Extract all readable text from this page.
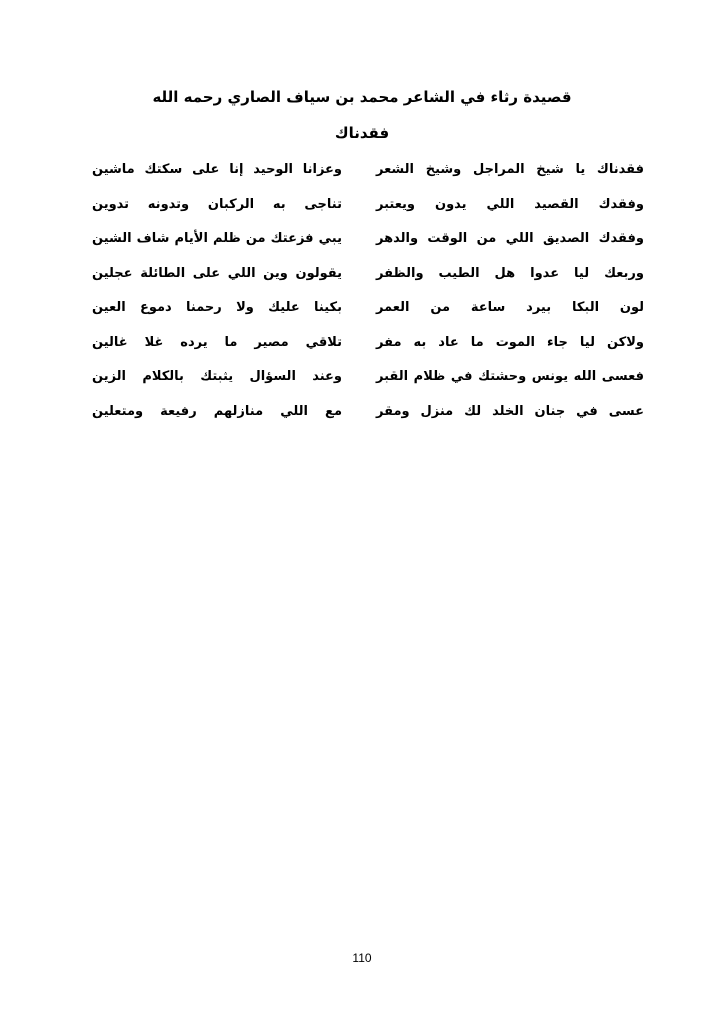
قصيدة رثاء في الشاعر محمد بن سياف الصاري رحمه الله
فقدناك
فقدناك يا شيخ المراجل وشيخ الشعر
وعزانا الوحيد إنا على سكتك ماشين
وفقدك القصيد اللي يدون ويعتبر
تناجى به الركبان وتدونه تدوين
وفقدك الصديق اللي من الوقت والدهر
يبي فزعتك من ظلم الأيام شاف الشين
وربعك ليا عدوا هل الطيب والظفر
يقولون وين اللي على الطائلة عجلين
لون البكا بيرد ساعة من العمر
بكينا عليك ولا رحمنا دموع العين
ولاكن ليا جاء الموت ما عاد به مفر
تلاقي مصير ما يرده غلا غالين
فعسى الله يونس وحشتك في ظلام القبر
وعند السؤال يثبتك بالكلام الزين
عسى في جنان الخلد لك منزل ومقر
مع اللي منازلهم رفيعة ومتعلين
110
